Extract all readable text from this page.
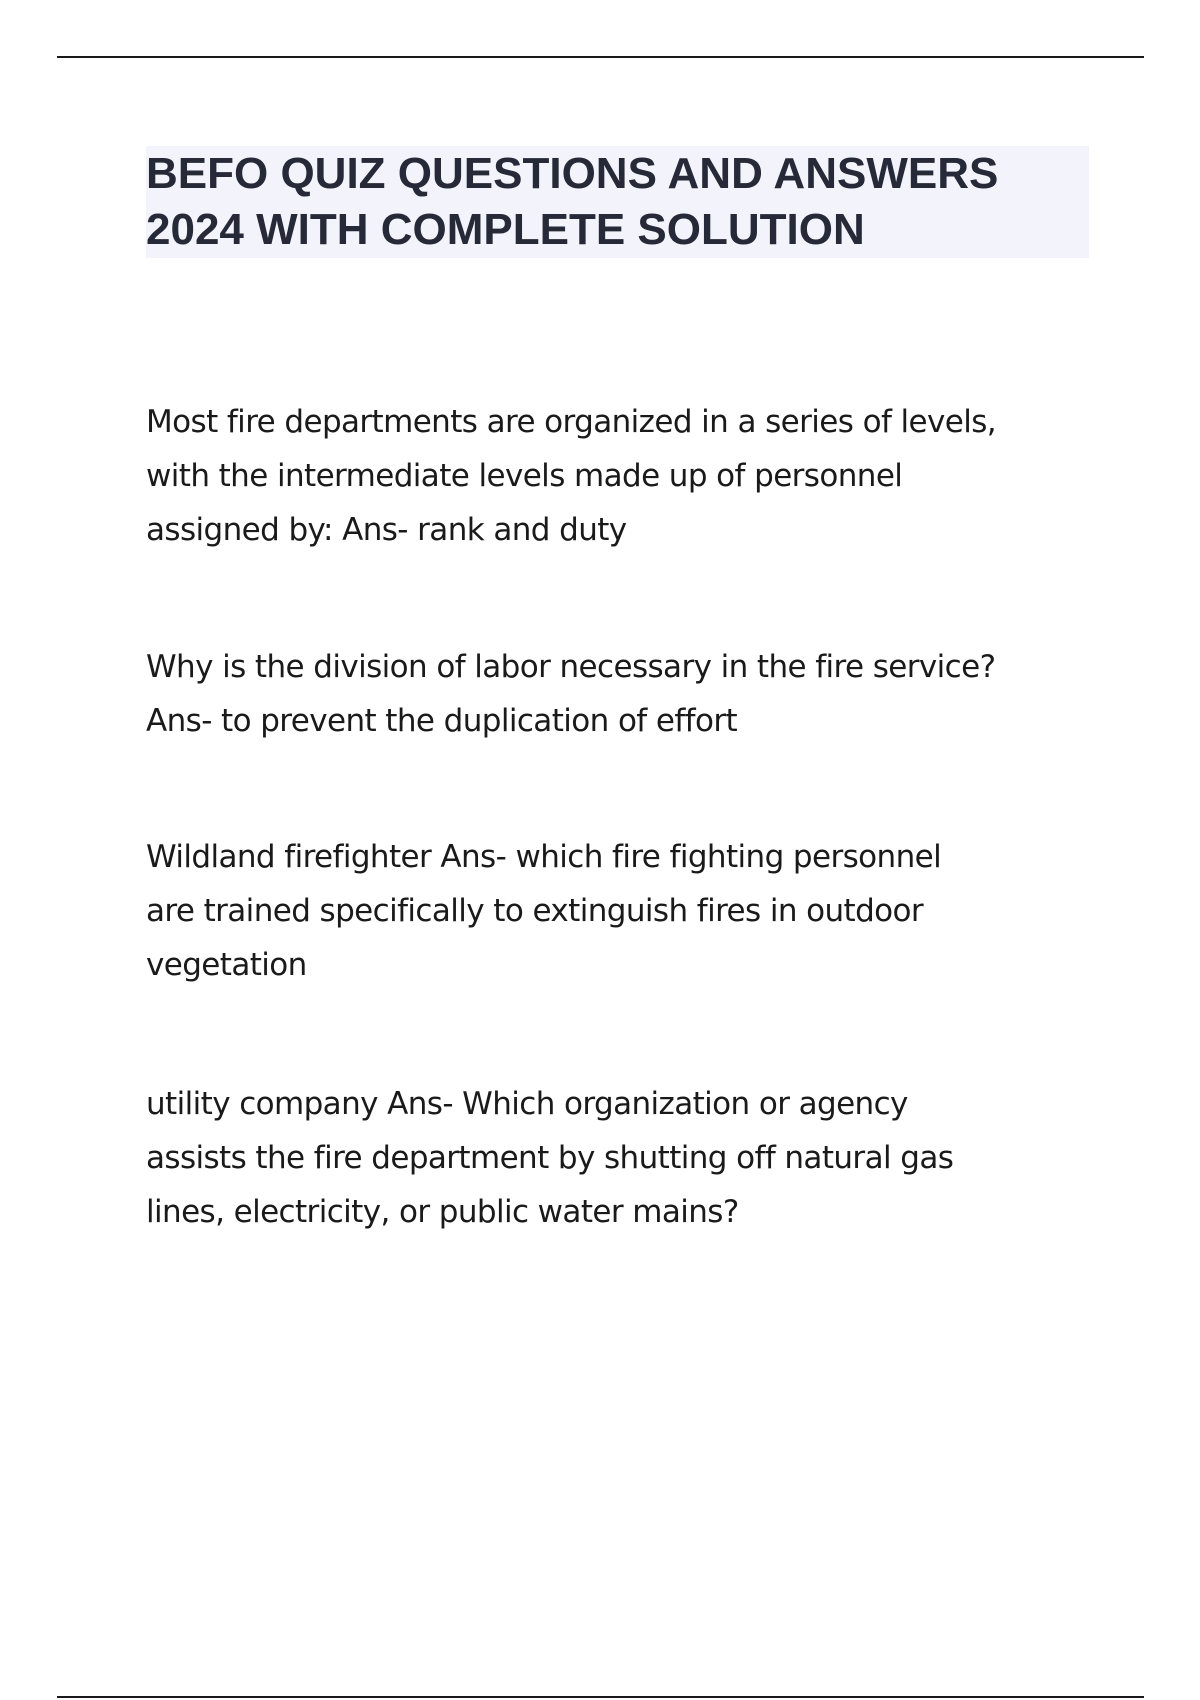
BEFO QUIZ QUESTIONS AND ANSWERS
2024 WITH COMPLETE SOLUTION

Most fire departments are organized in a series of levels,
with the intermediate levels made up of personnel
assigned by: Ans- rank and duty

Why is the division of labor necessary in the fire service?
Ans- to prevent the duplication of effort

Wildland firefighter Ans- which fire fighting personnel
are trained specifically to extinguish fires in outdoor
vegetation

utility company Ans- Which organization or agency
assists the fire department by shutting off natural gas
lines, electricity, or public water mains?
